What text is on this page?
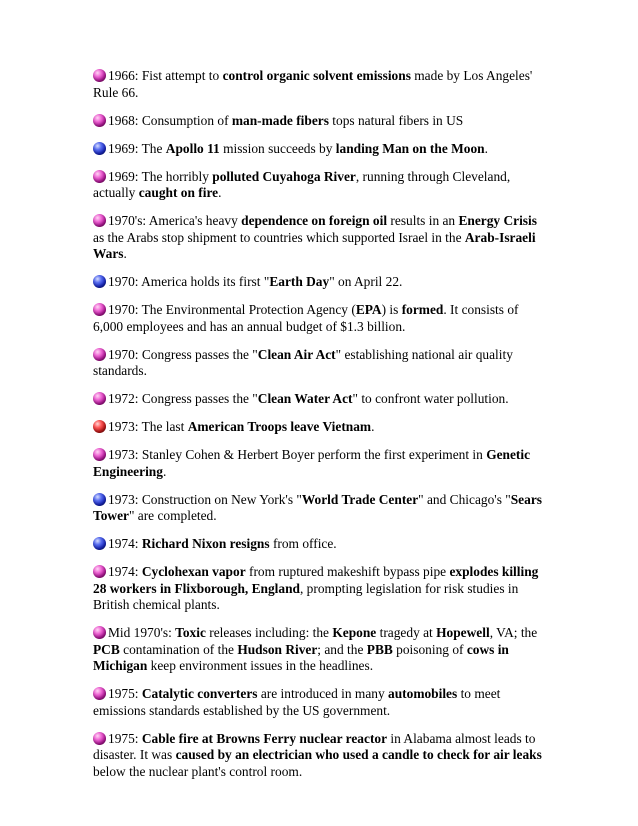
1966: Fist attempt to control organic solvent emissions made by Los Angeles' Rule 66.

1968: Consumption of man-made fibers tops natural fibers in US

1969: The Apollo 11 mission succeeds by landing Man on the Moon.

1969: The horribly polluted Cuyahoga River, running through Cleveland, actually caught on fire.

1970's: America's heavy dependence on foreign oil results in an Energy Crisis as the Arabs stop shipment to countries which supported Israel in the Arab-Israeli Wars.

1970: America holds its first "Earth Day" on April 22.

1970: The Environmental Protection Agency (EPA) is formed. It consists of 6,000 employees and has an annual budget of $1.3 billion.

1970: Congress passes the "Clean Air Act" establishing national air quality standards.

1972: Congress passes the "Clean Water Act" to confront water pollution.

1973: The last American Troops leave Vietnam.

1973: Stanley Cohen & Herbert Boyer perform the first experiment in Genetic Engineering.

1973: Construction on New York's "World Trade Center" and Chicago's "Sears Tower" are completed.

1974: Richard Nixon resigns from office.

1974: Cyclohexan vapor from ruptured makeshift bypass pipe explodes killing 28 workers in Flixborough, England, prompting legislation for risk studies in British chemical plants.

Mid 1970's: Toxic releases including: the Kepone tragedy at Hopewell, VA; the PCB contamination of the Hudson River; and the PBB poisoning of cows in Michigan keep environment issues in the headlines.

1975: Catalytic converters are introduced in many automobiles to meet emissions standards established by the US government.

1975: Cable fire at Browns Ferry nuclear reactor in Alabama almost leads to disaster. It was caused by an electrician who used a candle to check for air leaks below the nuclear plant's control room.
